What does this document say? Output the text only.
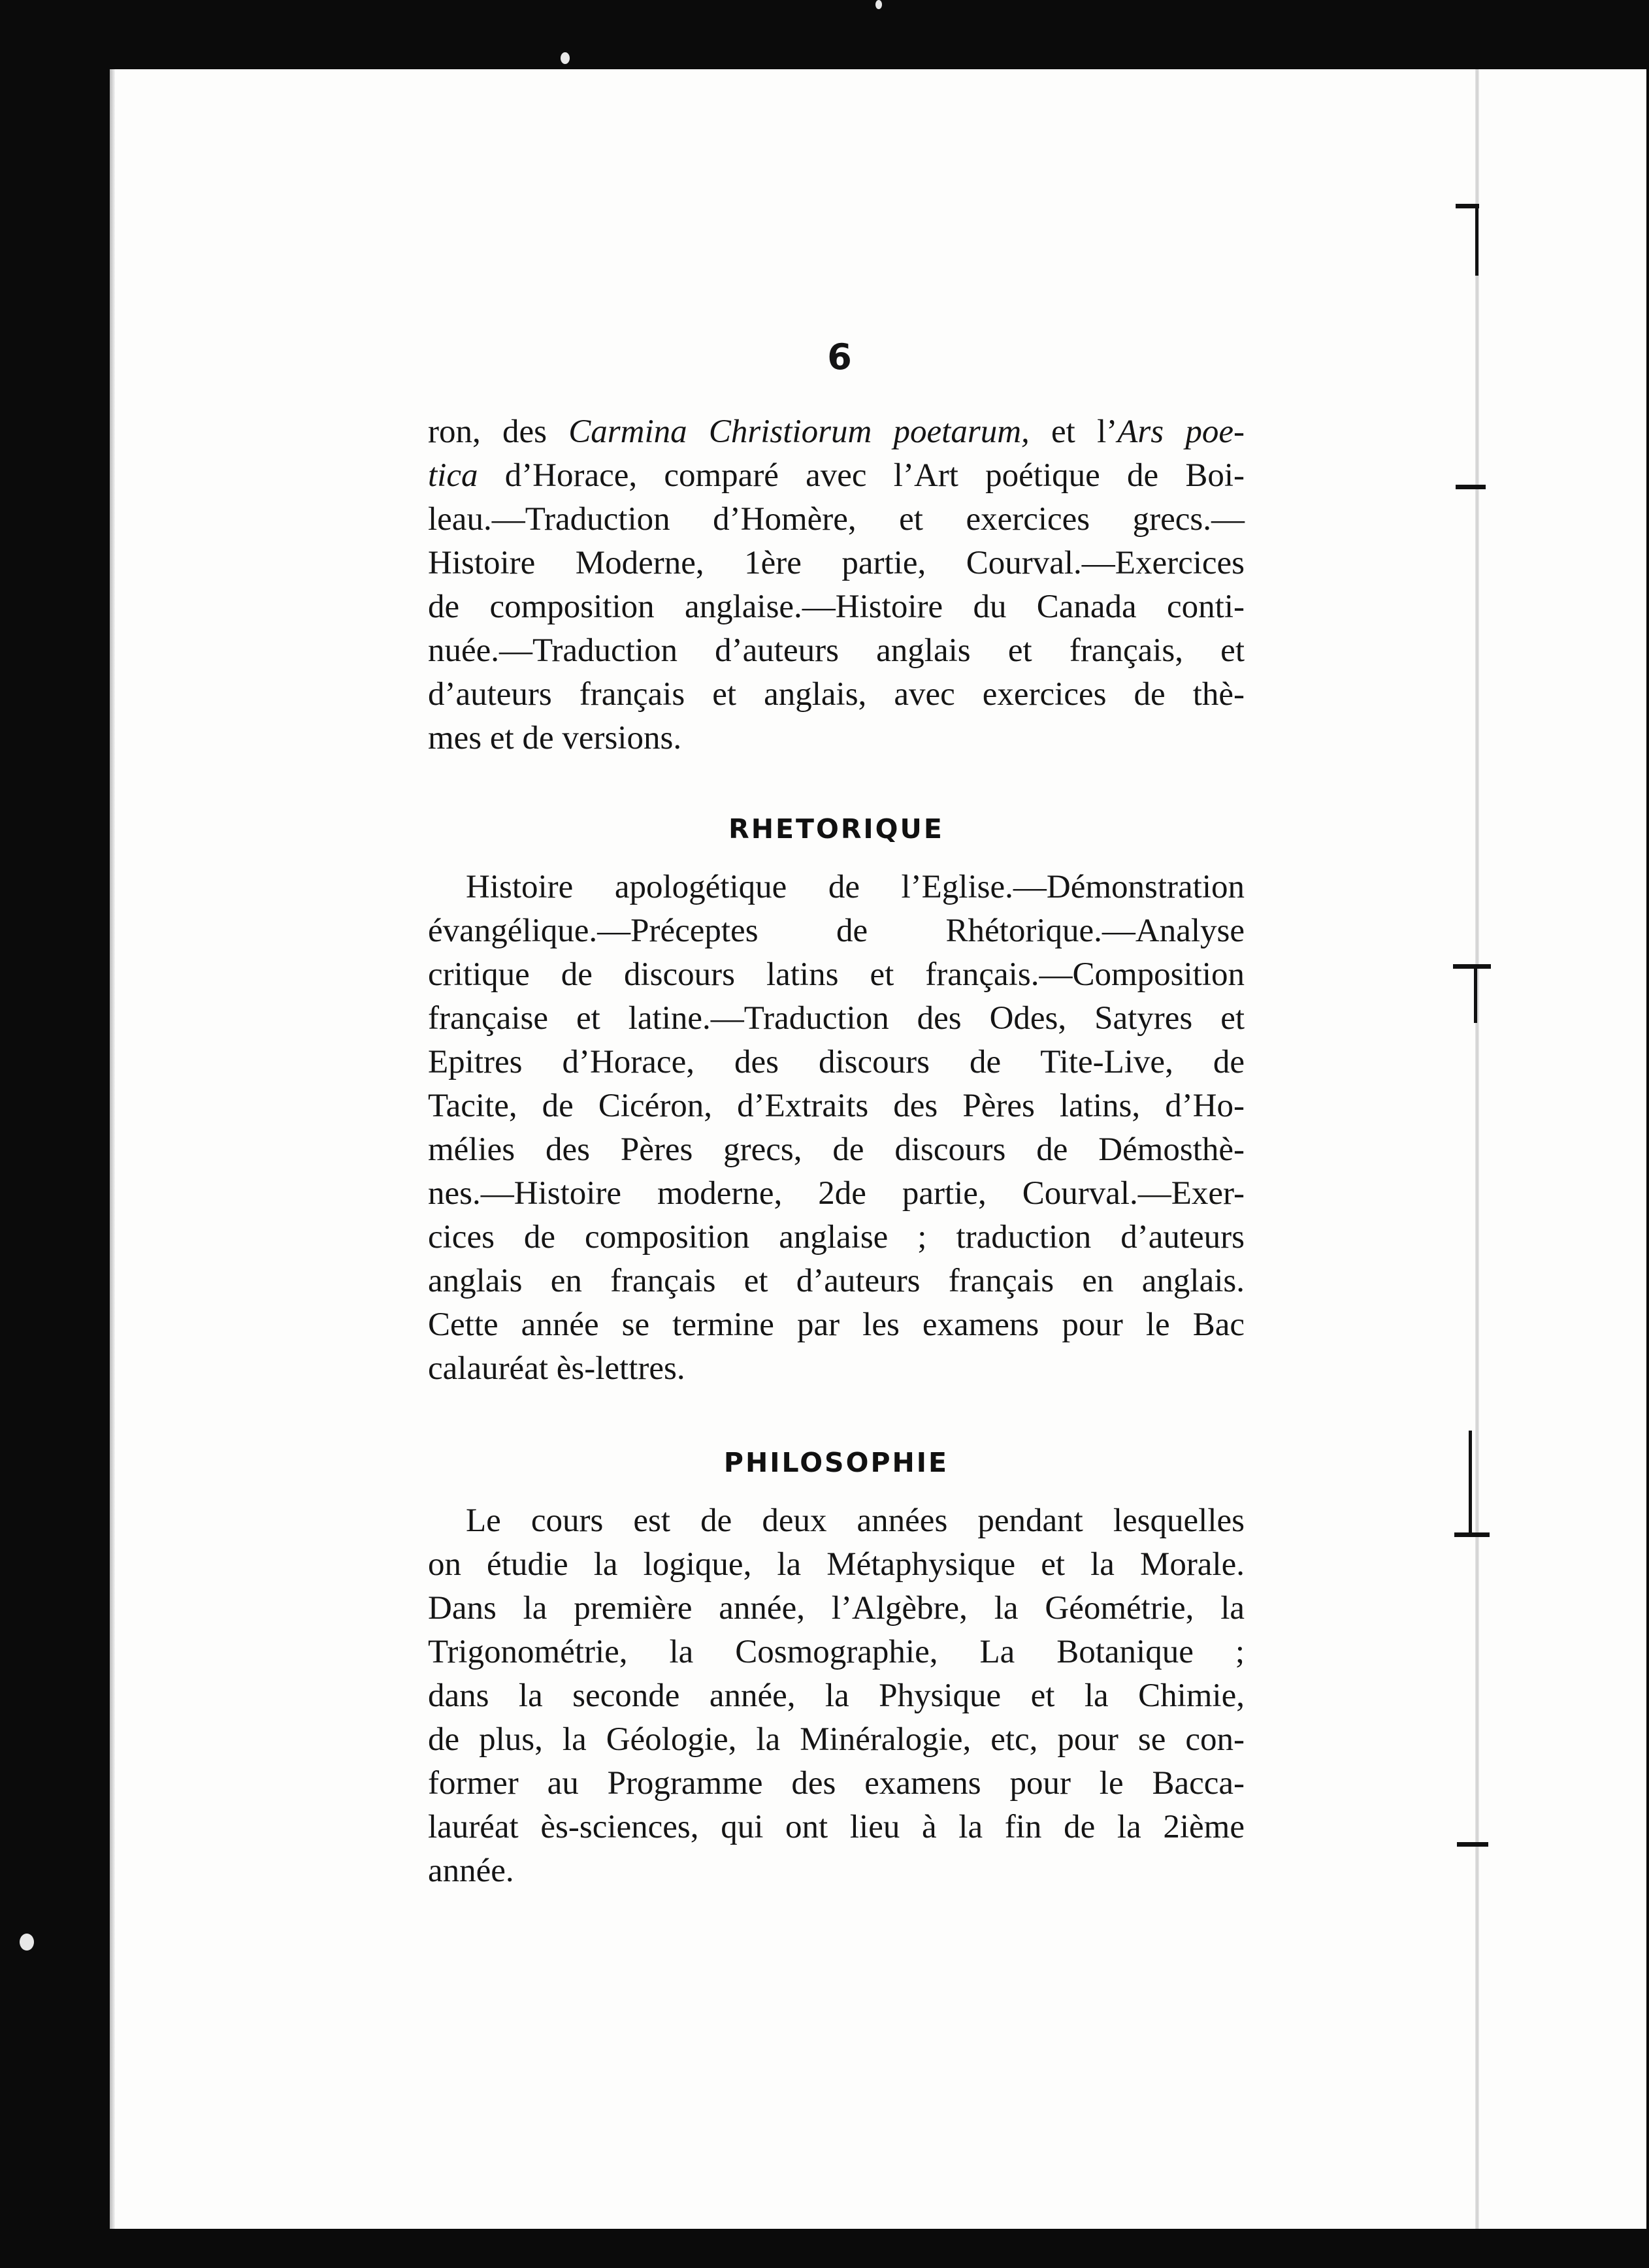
6
ron, des Carmina Christiorum poetarum, et l’Ars poe-
tica d’Horace, comparé avec l’Art poétique de Boi-
leau.—Traduction d’Homère, et exercices grecs.—
Histoire Moderne, 1ère partie, Courval.—Exercices
de composition anglaise.—Histoire du Canada conti-
nuée.—Traduction d’auteurs anglais et français, et
d’auteurs français et anglais, avec exercices de thè-
mes et de versions.
RHETORIQUE
Histoire apologétique de l’Eglise.—Démonstration
évangélique.—Préceptes de Rhétorique.—Analyse
critique de discours latins et français.—Composition
française et latine.—Traduction des Odes, Satyres et
Epitres d’Horace, des discours de Tite-Live, de
Tacite, de Cicéron, d’Extraits des Pères latins, d’Ho-
mélies des Pères grecs, de discours de Démosthè-
nes.—Histoire moderne, 2de partie, Courval.—Exer-
cices de composition anglaise ; traduction d’auteurs
anglais en français et d’auteurs français en anglais.
Cette année se termine par les examens pour le Bac
calauréat ès-lettres.
PHILOSOPHIE
Le cours est de deux années pendant lesquelles
on étudie la logique, la Métaphysique et la Morale.
Dans la première année, l’Algèbre, la Géométrie, la
Trigonométrie, la Cosmographie, La Botanique ;
dans la seconde année, la Physique et la Chimie,
de plus, la Géologie, la Minéralogie, etc, pour se con-
former au Programme des examens pour le Bacca-
lauréat ès-sciences, qui ont lieu à la fin de la 2ième
année.
